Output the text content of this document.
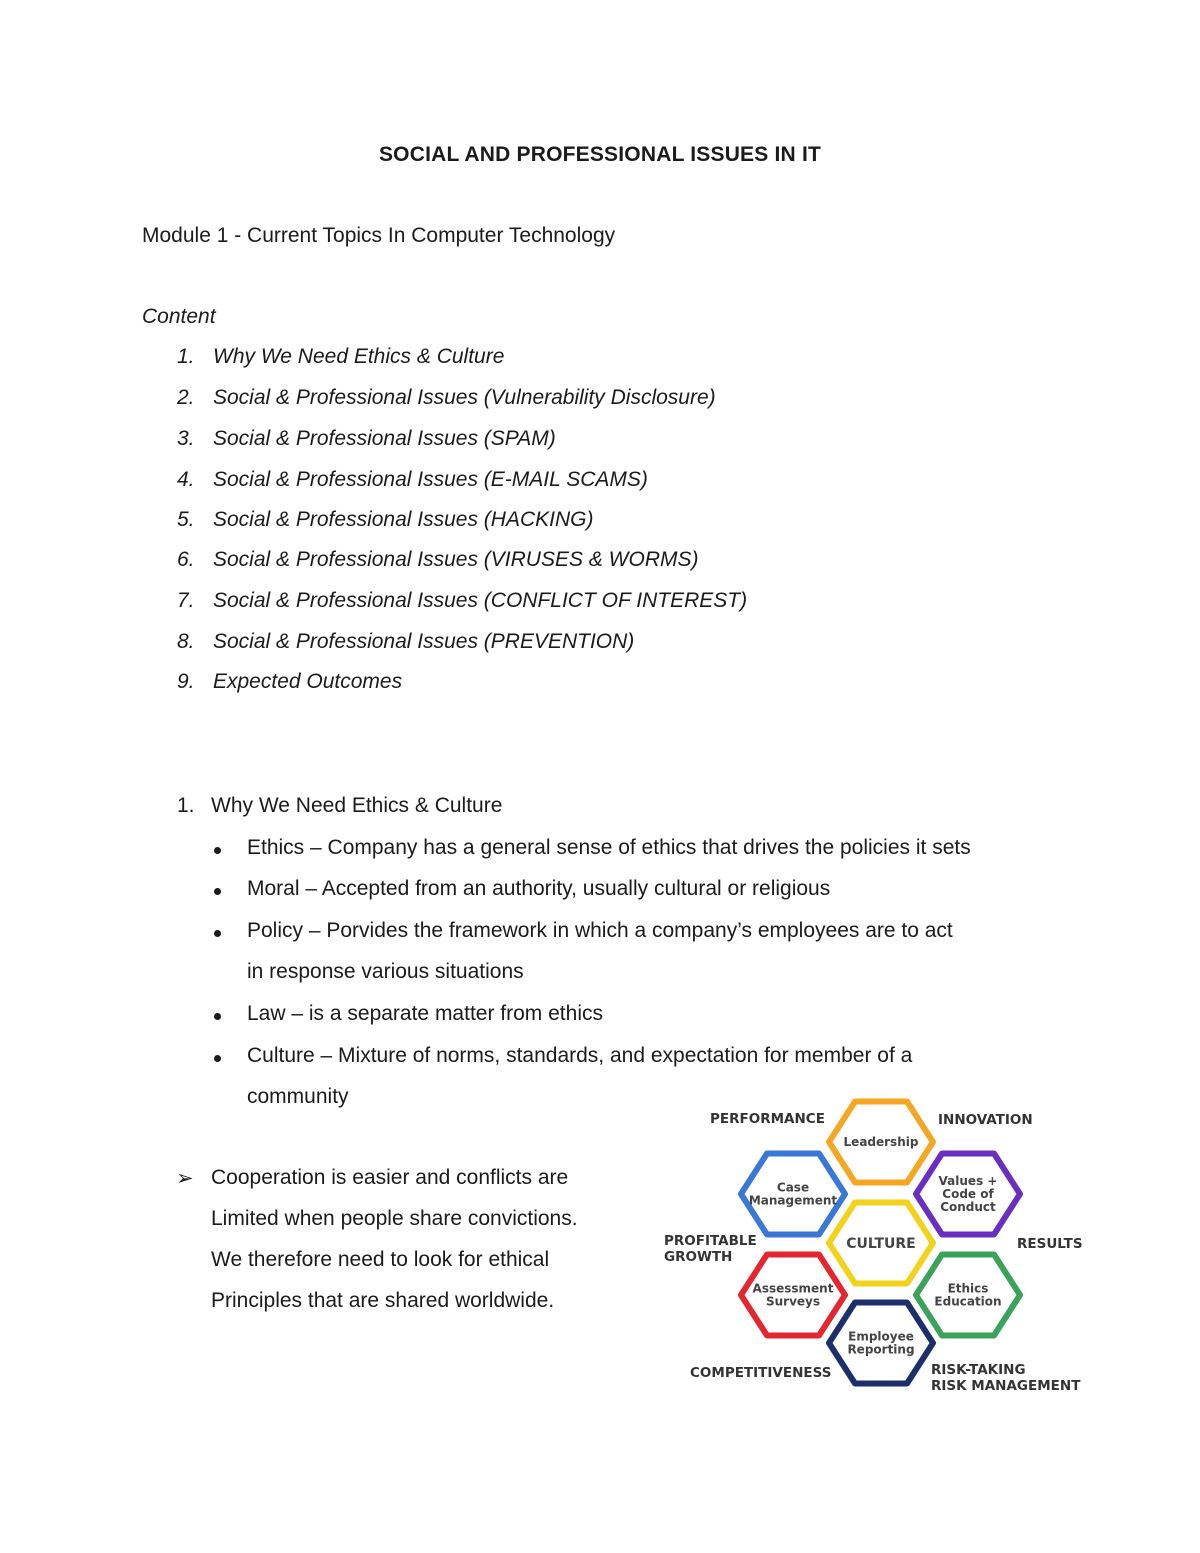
SOCIAL AND PROFESSIONAL ISSUES IN IT
Module 1 - Current Topics In Computer Technology
Content
1. Why We Need Ethics & Culture
2. Social & Professional Issues (Vulnerability Disclosure)
3. Social & Professional Issues (SPAM)
4. Social & Professional Issues (E-MAIL SCAMS)
5. Social & Professional Issues (HACKING)
6. Social & Professional Issues (VIRUSES & WORMS)
7. Social & Professional Issues (CONFLICT OF INTEREST)
8. Social & Professional Issues (PREVENTION)
9. Expected Outcomes
1. Why We Need Ethics & Culture
Ethics – Company has a general sense of ethics that drives the policies it sets
Moral – Accepted from an authority, usually cultural or religious
Policy – Porvides the framework in which a company’s employees are to act
in response various situations
Law – is a separate matter from ethics
Culture – Mixture of norms, standards, and expectation for member of a
community
➢ Cooperation is easier and conflicts are
Limited when people share convictions.
We therefore need to look for ethical
Principles that are shared worldwide.
Leadership
Case
Management
Values +
Code of
Conduct
CULTURE
Assessment
Surveys
Ethics
Education
Employee
Reporting
PERFORMANCE	INNOVATION
PROFITABLE
GROWTH
RESULTS
COMPETITIVENESS	RISK-TAKING
RISK MANAGEMENT
